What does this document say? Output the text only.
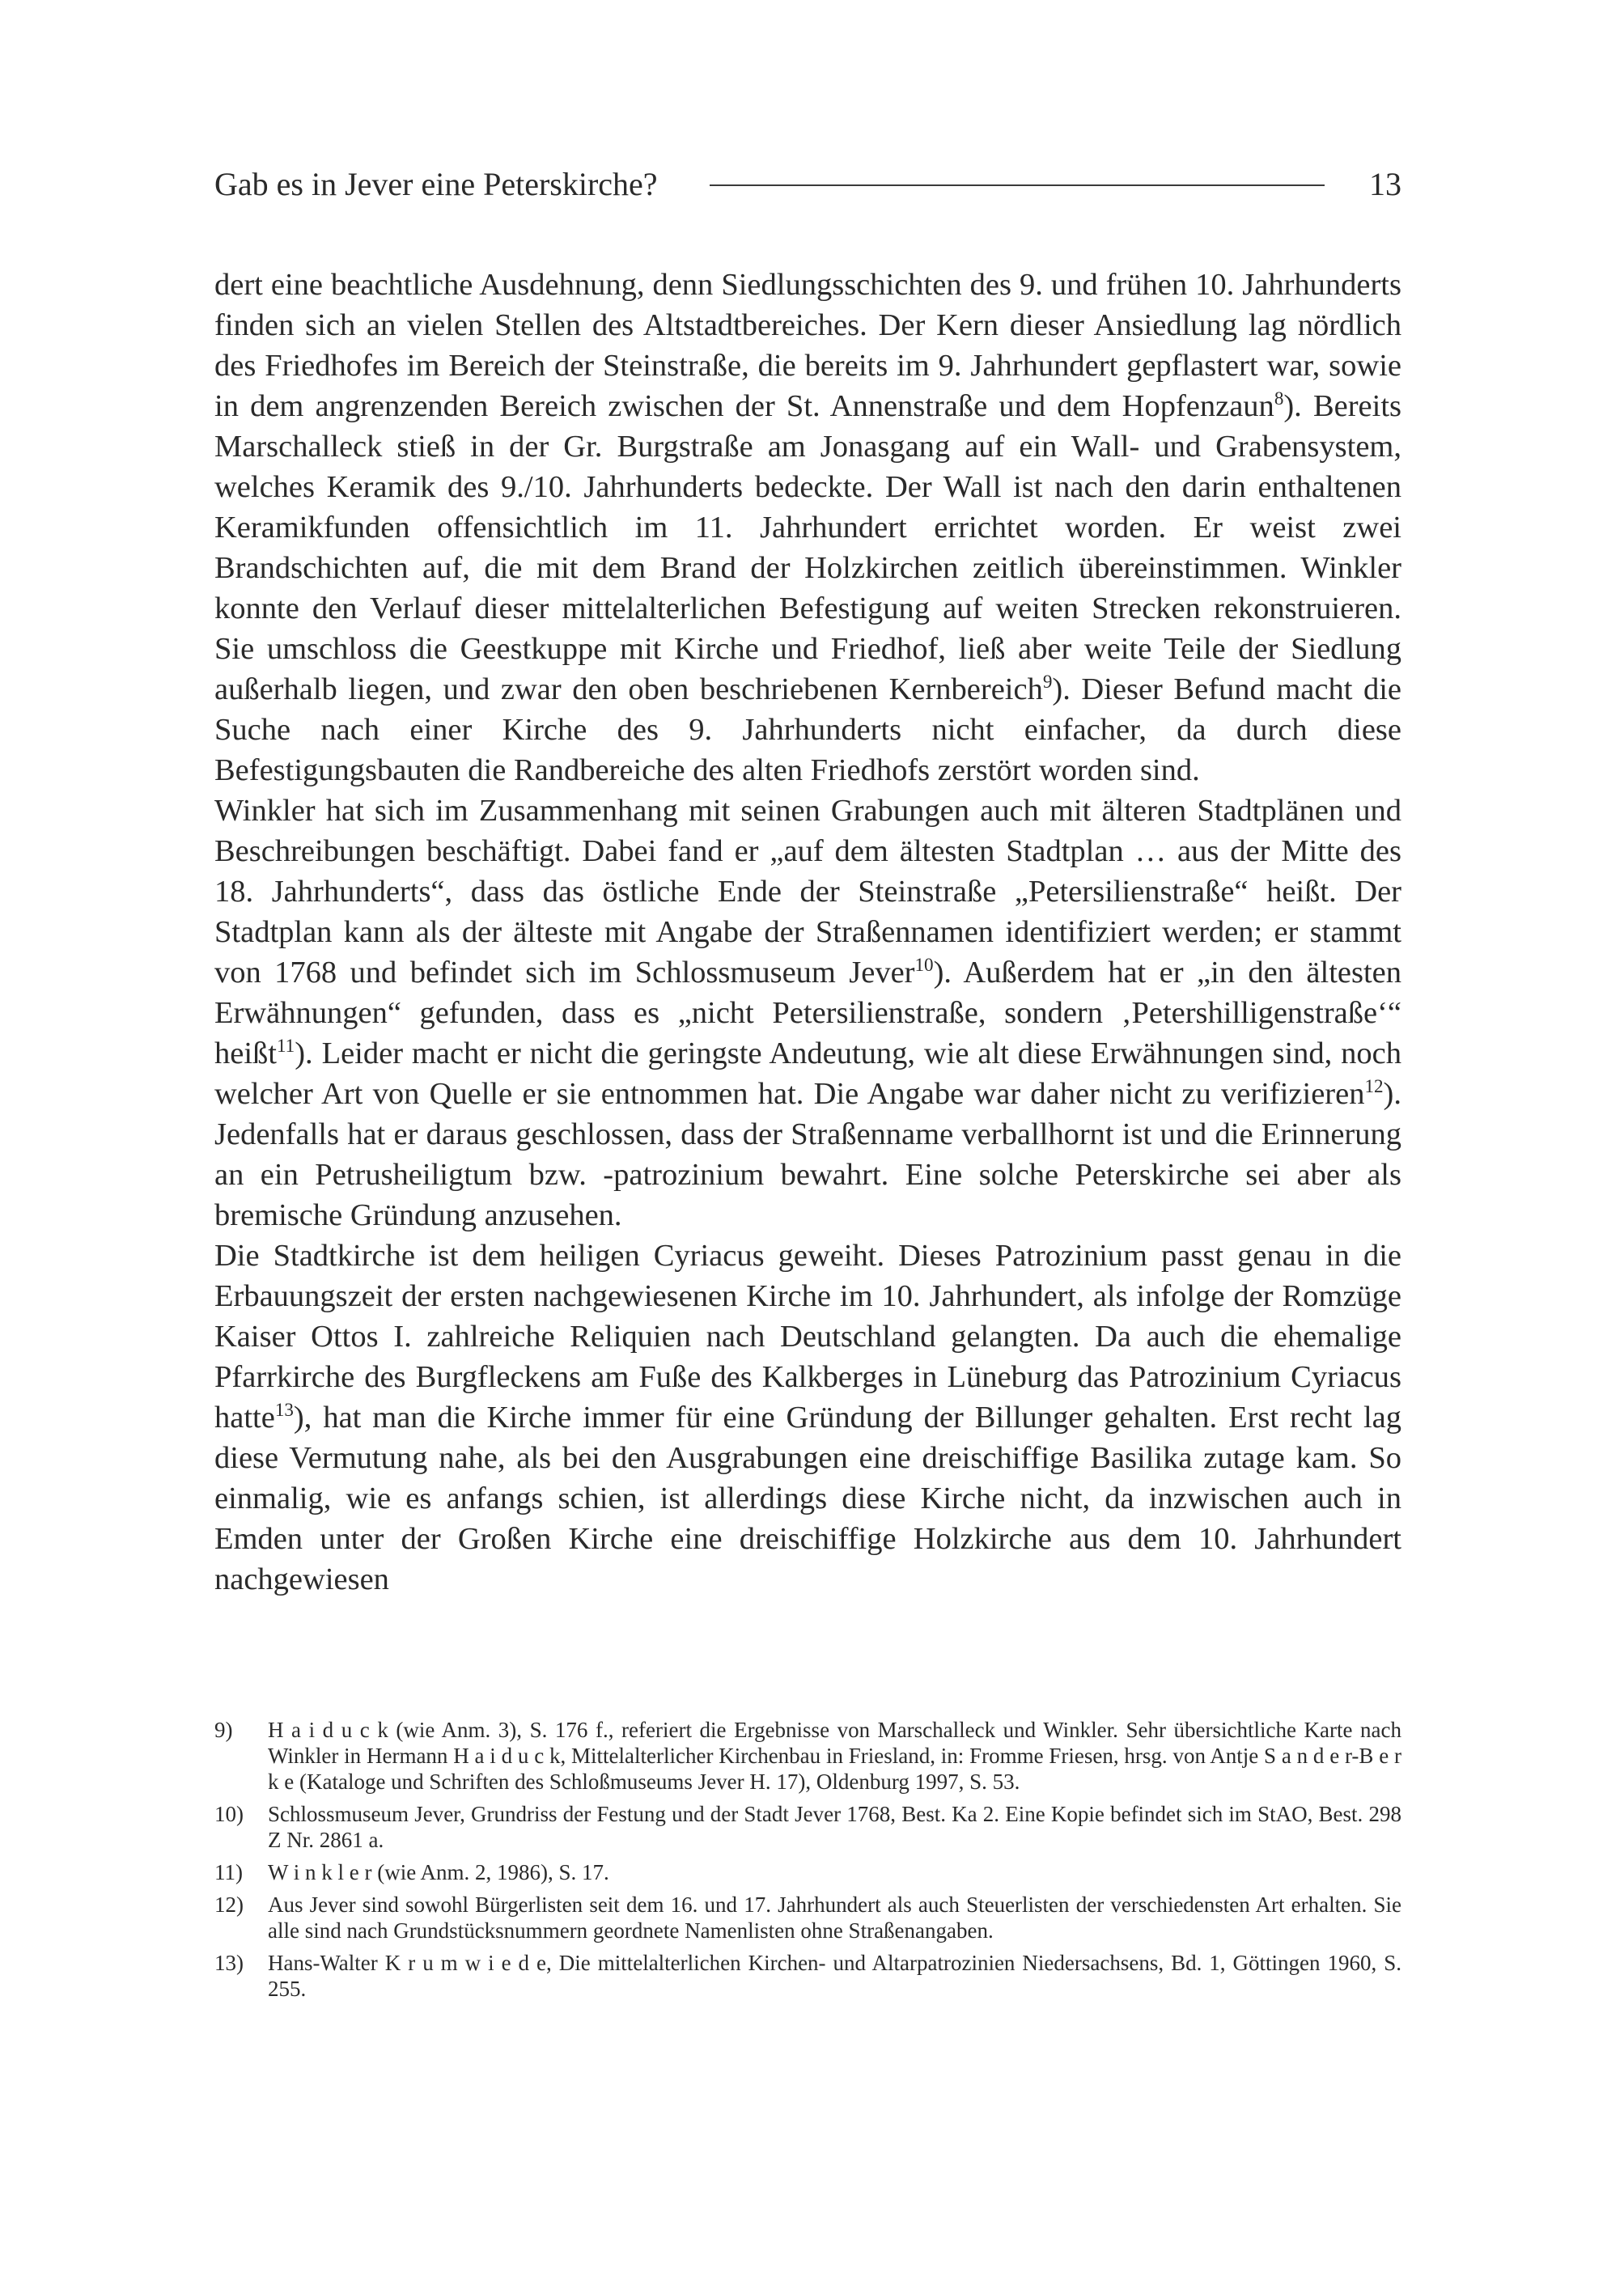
Gab es in Jever eine Peterskirche?	13

dert eine beachtliche Ausdehnung, denn Siedlungsschichten des 9. und frühen 10. Jahrhunderts finden sich an vielen Stellen des Altstadtbereiches. Der Kern dieser Ansiedlung lag nördlich des Friedhofes im Bereich der Steinstraße, die bereits im 9. Jahrhundert gepflastert war, sowie in dem angrenzenden Bereich zwischen der St. Annenstraße und dem Hopfenzaun$^8$). Bereits Marschalleck stieß in der Gr. Burgstraße am Jonasgang auf ein Wall- und Grabensystem, welches Keramik des 9./10. Jahrhunderts bedeckte. Der Wall ist nach den darin enthaltenen Keramikfunden offensichtlich im 11. Jahrhundert errichtet worden. Er weist zwei Brandschichten auf, die mit dem Brand der Holzkirchen zeitlich übereinstimmen. Winkler konnte den Verlauf dieser mittelalterlichen Befestigung auf weiten Strecken rekonstruieren. Sie umschloss die Geestkuppe mit Kirche und Friedhof, ließ aber weite Teile der Siedlung außerhalb liegen, und zwar den oben beschriebenen Kernbereich$^9$). Dieser Befund macht die Suche nach einer Kirche des 9. Jahrhunderts nicht einfacher, da durch diese Befestigungsbauten die Randbereiche des alten Friedhofs zerstört worden sind.

Winkler hat sich im Zusammenhang mit seinen Grabungen auch mit älteren Stadtplänen und Beschreibungen beschäftigt. Dabei fand er „auf dem ältesten Stadtplan … aus der Mitte des 18. Jahrhunderts“, dass das östliche Ende der Steinstraße „Petersilienstraße“ heißt. Der Stadtplan kann als der älteste mit Angabe der Straßennamen identifiziert werden; er stammt von 1768 und befindet sich im Schlossmuseum Jever$^{10}$). Außerdem hat er „in den ältesten Erwähnungen“ gefunden, dass es „nicht Petersilienstraße, sondern ‚Petershilligenstraße‘“ heißt$^{11}$). Leider macht er nicht die geringste Andeutung, wie alt diese Erwähnungen sind, noch welcher Art von Quelle er sie entnommen hat. Die Angabe war daher nicht zu verifizieren$^{12}$). Jedenfalls hat er daraus geschlossen, dass der Straßenname verballhornt ist und die Erinnerung an ein Petrusheiligtum bzw. -patrozinium bewahrt. Eine solche Peterskirche sei aber als bremische Gründung anzusehen.

Die Stadtkirche ist dem heiligen Cyriacus geweiht. Dieses Patrozinium passt genau in die Erbauungszeit der ersten nachgewiesenen Kirche im 10. Jahrhundert, als infolge der Romzüge Kaiser Ottos I. zahlreiche Reliquien nach Deutschland gelangten. Da auch die ehemalige Pfarrkirche des Burgfleckens am Fuße des Kalkberges in Lüneburg das Patrozinium Cyriacus hatte$^{13}$), hat man die Kirche immer für eine Gründung der Billunger gehalten. Erst recht lag diese Vermutung nahe, als bei den Ausgrabungen eine dreischiffige Basilika zutage kam. So einmalig, wie es anfangs schien, ist allerdings diese Kirche nicht, da inzwischen auch in Emden unter der Großen Kirche eine dreischiffige Holzkirche aus dem 10. Jahrhundert nachgewiesen

9)	H a i d u c k (wie Anm. 3), S. 176 f., referiert die Ergebnisse von Marschalleck und Winkler. Sehr übersichtliche Karte nach Winkler in Hermann H a i d u c k, Mittelalterlicher Kirchenbau in Friesland, in: Fromme Friesen, hrsg. von Antje S a n d e r-B e r k e (Kataloge und Schriften des Schloßmuseums Jever H. 17), Oldenburg 1997, S. 53.
10)	Schlossmuseum Jever, Grundriss der Festung und der Stadt Jever 1768, Best. Ka 2. Eine Kopie befindet sich im StAO, Best. 298 Z Nr. 2861 a.
11)	W i n k l e r (wie Anm. 2, 1986), S. 17.
12)	Aus Jever sind sowohl Bürgerlisten seit dem 16. und 17. Jahrhundert als auch Steuerlisten der verschiedensten Art erhalten. Sie alle sind nach Grundstücksnummern geordnete Namenlisten ohne Straßenangaben.
13)	Hans-Walter K r u m w i e d e, Die mittelalterlichen Kirchen- und Altarpatrozinien Niedersachsens, Bd. 1, Göttingen 1960, S. 255.
